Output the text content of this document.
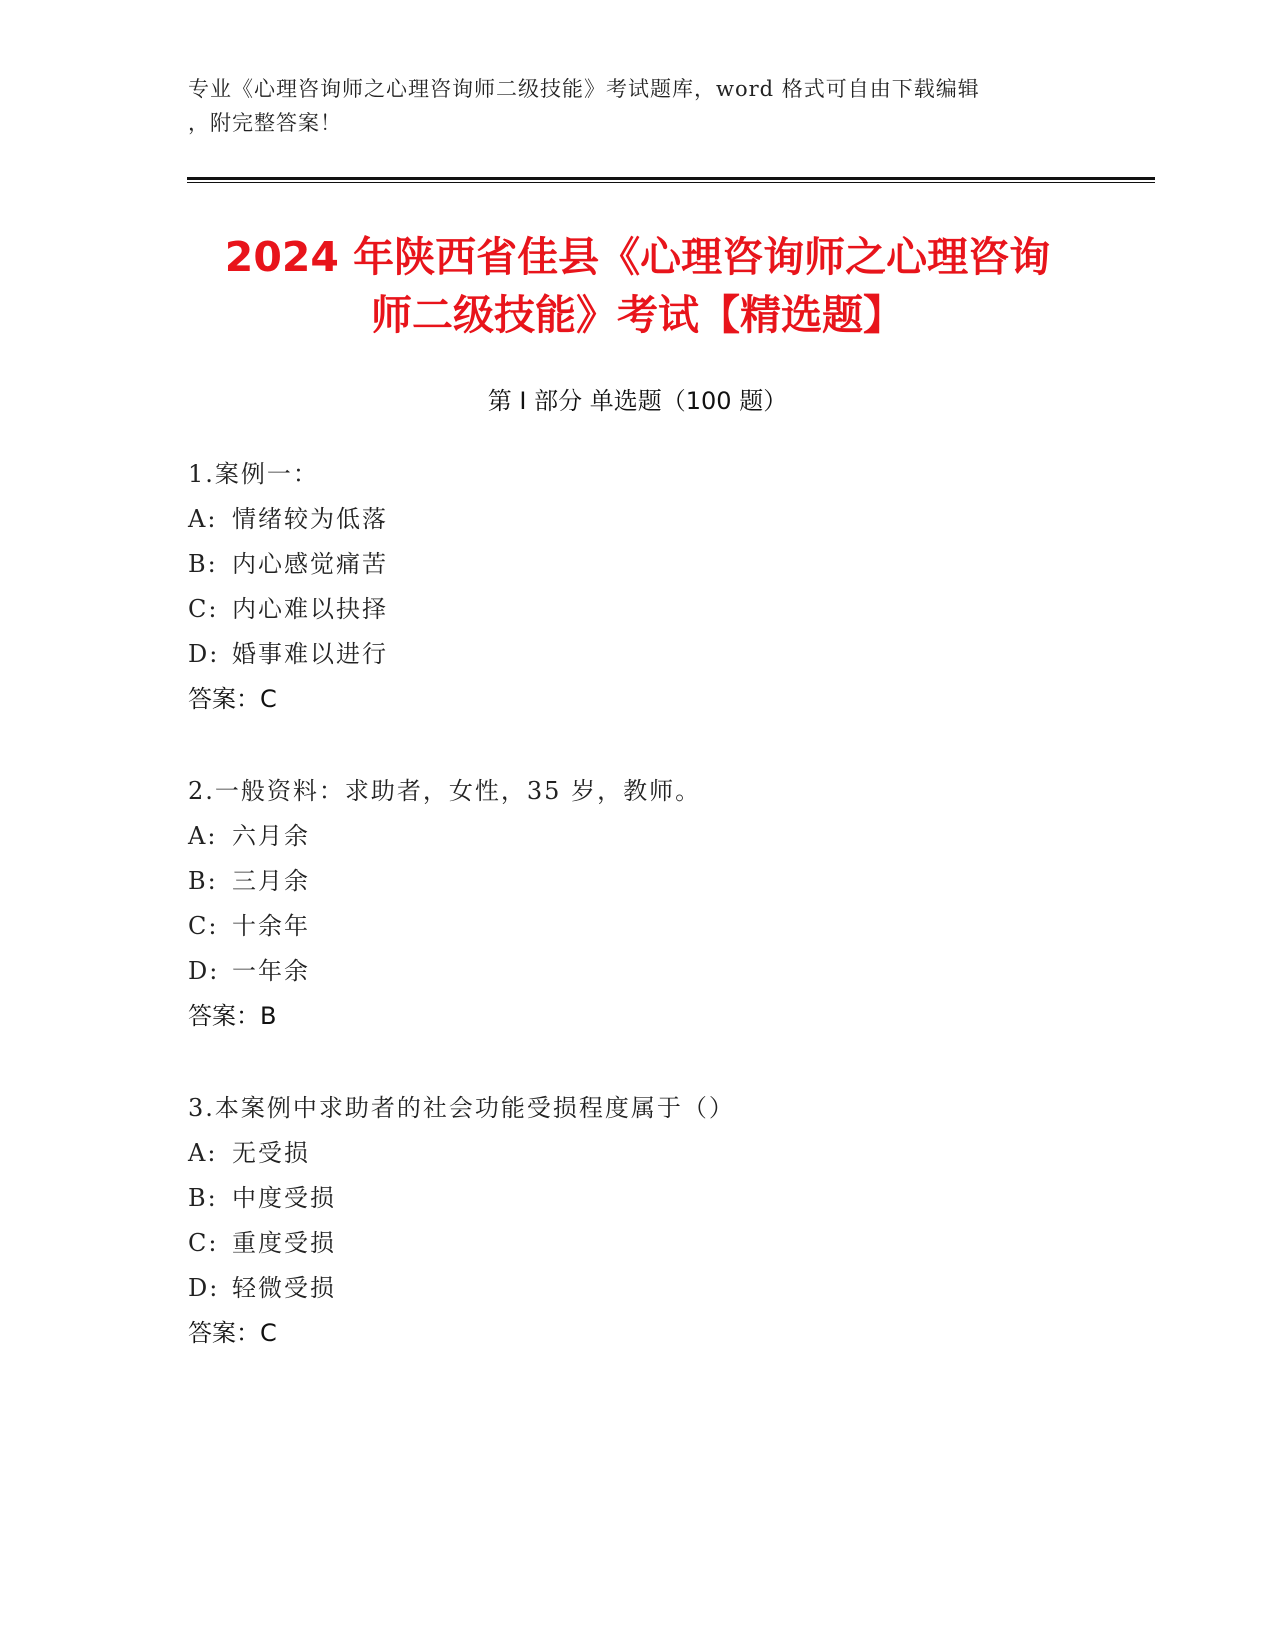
专业《心理咨询师之心理咨询师二级技能》考试题库，word 格式可自由下载编辑
，附完整答案！
2024 年陕西省佳县《心理咨询师之心理咨询
师二级技能》考试【精选题】
第 I 部分 单选题（100 题）
1.案例一：
A: 情绪较为低落
B: 内心感觉痛苦
C: 内心难以抉择
D: 婚事难以进行
答案：C
2.一般资料：求助者，女性，35 岁，教师。
A: 六月余
B: 三月余
C: 十余年
D: 一年余
答案：B
3.本案例中求助者的社会功能受损程度属于（）
A: 无受损
B: 中度受损
C: 重度受损
D: 轻微受损
答案：C
